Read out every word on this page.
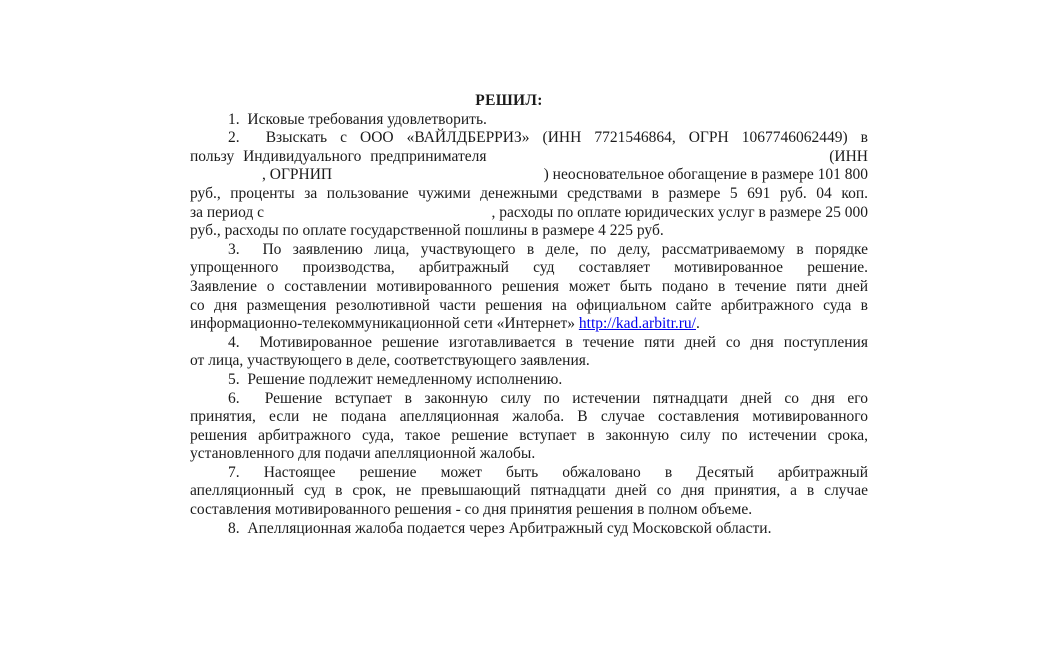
РЕШИЛ:
1.  Исковые требования удовлетворить.
2.  Взыскать с ООО «ВАЙЛДБЕРРИЗ» (ИНН 7721546864, ОГРН 1067746062449) в
пользу Индивидуального предпринимателя	(ИНН
, ОГРНИП	) неосновательное обогащение в размере 101 800
руб., проценты за пользование чужими денежными средствами в размере 5 691 руб. 04 коп.
за период с	, расходы по оплате юридических услуг в размере 25 000
руб., расходы по оплате государственной пошлины в размере 4 225 руб.
3.  По заявлению лица, участвующего в деле, по делу, рассматриваемому в порядке
упрощенного производства, арбитражный суд составляет мотивированное решение.
Заявление о составлении мотивированного решения может быть подано в течение пяти дней
со дня размещения резолютивной части решения на официальном сайте арбитражного суда в
информационно-телекоммуникационной сети «Интернет» http://kad.arbitr.ru/.
4.  Мотивированное решение изготавливается в течение пяти дней со дня поступления
от лица, участвующего в деле, соответствующего заявления.
5.  Решение подлежит немедленному исполнению.
6.  Решение вступает в законную силу по истечении пятнадцати дней со дня его
принятия, если не подана апелляционная жалоба. В случае составления мотивированного
решения арбитражного суда, такое решение вступает в законную силу по истечении срока,
установленного для подачи апелляционной жалобы.
7. Настоящее решение может быть обжаловано в Десятый арбитражный
апелляционный суд в срок, не превышающий пятнадцати дней со дня принятия, а в случае
составления мотивированного решения - со дня принятия решения в полном объеме.
8.  Апелляционная жалоба подается через Арбитражный суд Московской области.
